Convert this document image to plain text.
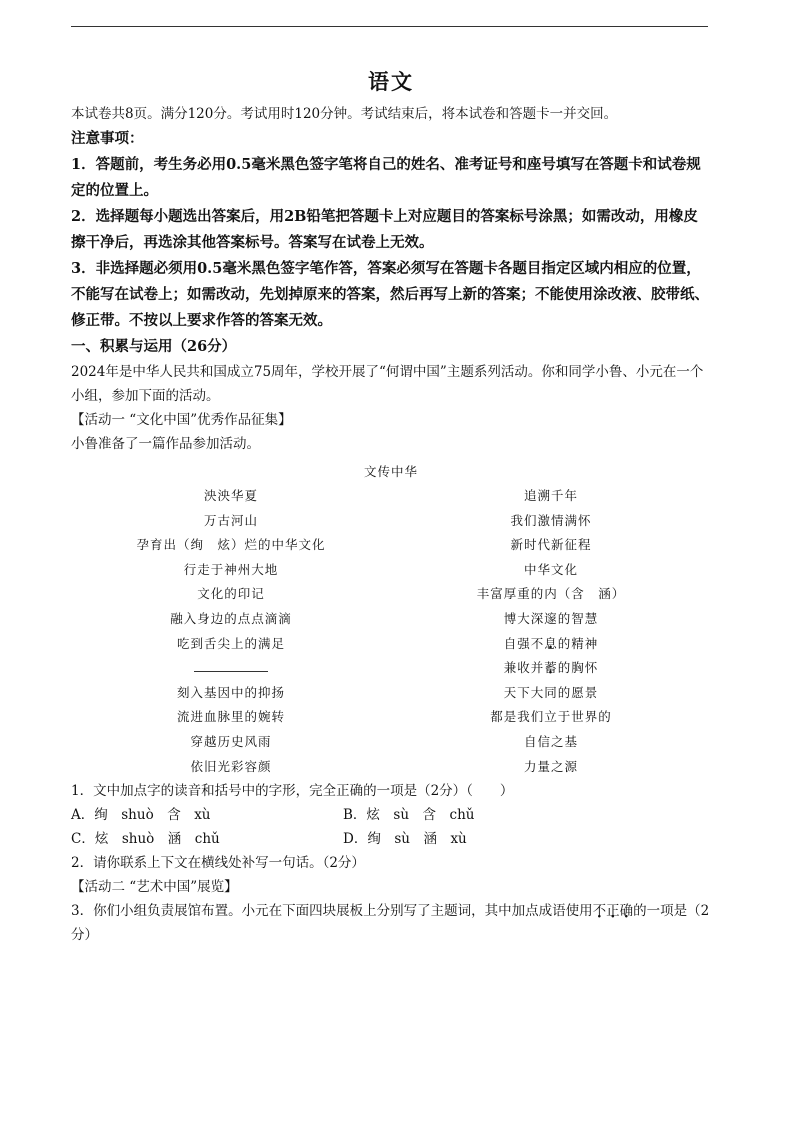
语文

本试卷共8页。满分120分。考试用时120分钟。考试结束后，将本试卷和答题卡一并交回。

注意事项：

1．答题前，考生务必用0.5毫米黑色签字笔将自己的姓名、准考证号和座号填写在答题卡和试卷规定的位置上。

2．选择题每小题选出答案后，用2B铅笔把答题卡上对应题目的答案标号涂黑；如需改动，用橡皮擦干净后，再选涂其他答案标号。答案写在试卷上无效。

3．非选择题必须用0.5毫米黑色签字笔作答，答案必须写在答题卡各题目指定区域内相应的位置，不能写在试卷上；如需改动，先划掉原来的答案，然后再写上新的答案；不能使用涂改液、胶带纸、修正带。不按以上要求作答的答案无效。

一、积累与运用（26分）

2024年是中华人民共和国成立75周年，学校开展了“何谓中国”主题系列活动。你和同学小鲁、小元在一个小组，参加下面的活动。

【活动一 “文化中国”优秀作品征集】

小鲁准备了一篇作品参加活动。

文传中华
泱泱华夏
万古河山
孕育出（绚　炫）烂的中华文化
行走于神州大地
文化的印记
融入身边的点点滴滴
吃到舌尖上的满足
刻入基因中的抑扬
流进血脉里的婉转
穿越历史风雨
依旧光彩容颜
追溯千年
我们激情满怀
新时代新征程
中华文化
丰富厚重的内（含　涵）
博大深邃的智慧
自强不息的精神
兼收并蓄的胸怀
天下大同的愿景
都是我们立于世界的
自信之基
力量之源

1．文中加点字的读音和括号中的字形，完全正确的一项是（2分）（　　）

A．绚　shuò　含　xù	B．炫　sù　含　chǔ
C．炫　shuò　涵　chǔ	D．绚　sù　涵　xù

2．请你联系上下文在横线处补写一句话。（2分）

【活动二 “艺术中国”展览】

3．你们小组负责展馆布置。小元在下面四块展板上分别写了主题词，其中加点成语使用不正确的一项是（2分）
